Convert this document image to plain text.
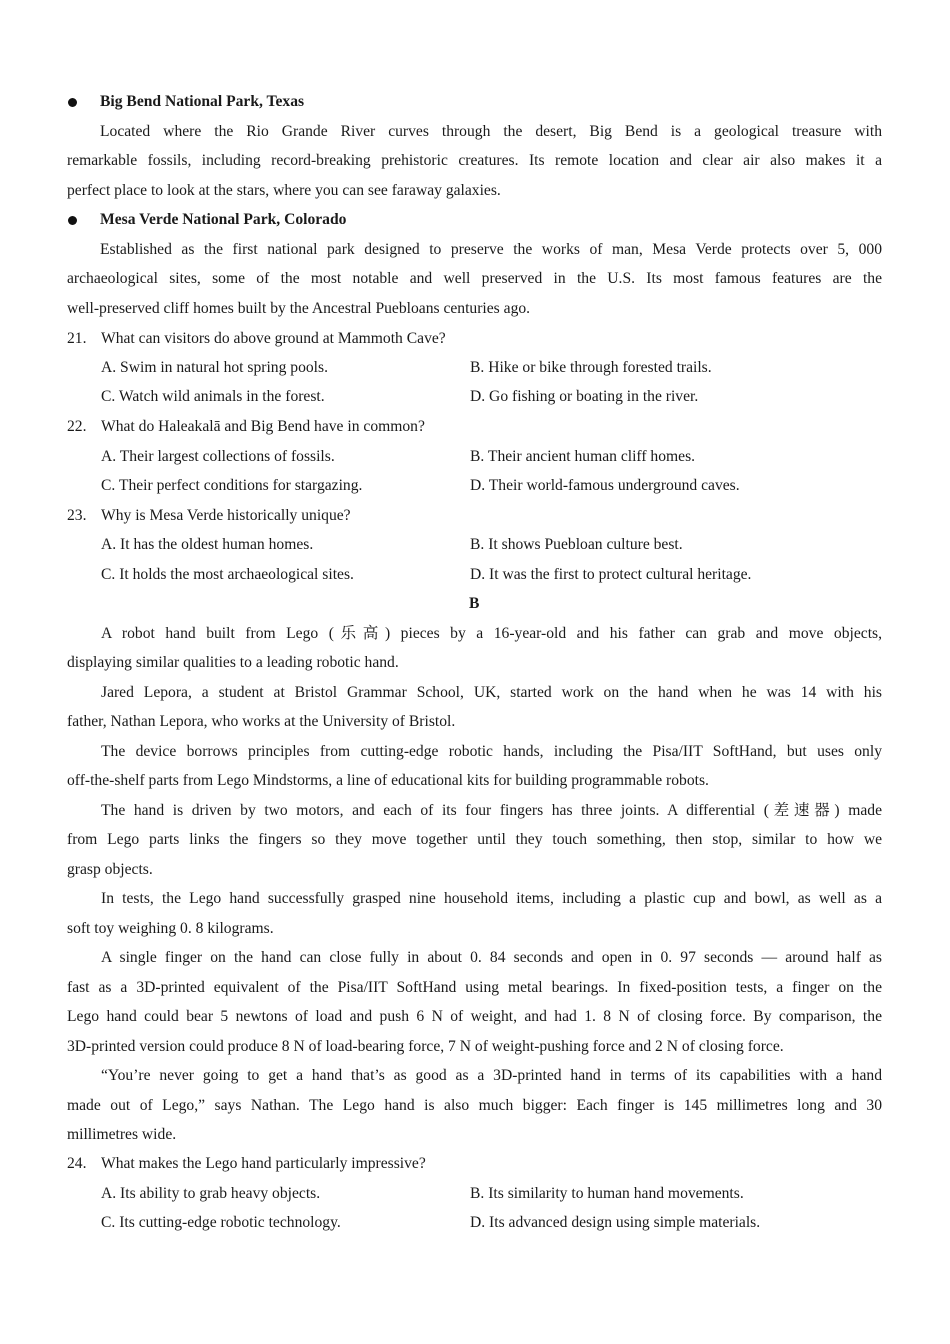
Big Bend National Park, Texas
Located where the Rio Grande River curves through the desert, Big Bend is a geological treasure with
remarkable fossils, including record-breaking prehistoric creatures. Its remote location and clear air also makes it a
perfect place to look at the stars, where you can see faraway galaxies.
Mesa Verde National Park, Colorado
Established as the first national park designed to preserve the works of man, Mesa Verde protects over 5, 000
archaeological sites, some of the most notable and well preserved in the U.S. Its most famous features are the
well-preserved cliff homes built by the Ancestral Puebloans centuries ago.
21. What can visitors do above ground at Mammoth Cave?
A. Swim in natural hot spring pools.	B. Hike or bike through forested trails.
C. Watch wild animals in the forest.	D. Go fishing or boating in the river.
22. What do Haleakalā and Big Bend have in common?
A. Their largest collections of fossils.	B. Their ancient human cliff homes.
C. Their perfect conditions for stargazing.	D. Their world-famous underground caves.
23. Why is Mesa Verde historically unique?
A. It has the oldest human homes.	B. It shows Puebloan culture best.
C. It holds the most archaeological sites.	D. It was the first to protect cultural heritage.
B
A robot hand built from Lego (乐高) pieces by a 16-year-old and his father can grab and move objects,
displaying similar qualities to a leading robotic hand.
Jared Lepora, a student at Bristol Grammar School, UK, started work on the hand when he was 14 with his
father, Nathan Lepora, who works at the University of Bristol.
The device borrows principles from cutting-edge robotic hands, including the Pisa/IIT SoftHand, but uses only
off-the-shelf parts from Lego Mindstorms, a line of educational kits for building programmable robots.
The hand is driven by two motors, and each of its four fingers has three joints. A differential (差速器) made
from Lego parts links the fingers so they move together until they touch something, then stop, similar to how we
grasp objects.
In tests, the Lego hand successfully grasped nine household items, including a plastic cup and bowl, as well as a
soft toy weighing 0. 8 kilograms.
A single finger on the hand can close fully in about 0. 84 seconds and open in 0. 97 seconds — around half as
fast as a 3D-printed equivalent of the Pisa/IIT SoftHand using metal bearings. In fixed-position tests, a finger on the
Lego hand could bear 5 newtons of load and push 6 N of weight, and had 1. 8 N of closing force. By comparison, the
3D-printed version could produce 8 N of load-bearing force, 7 N of weight-pushing force and 2 N of closing force.
“You’re never going to get a hand that’s as good as a 3D-printed hand in terms of its capabilities with a hand
made out of Lego,” says Nathan. The Lego hand is also much bigger: Each finger is 145 millimetres long and 30
millimetres wide.
24. What makes the Lego hand particularly impressive?
A. Its ability to grab heavy objects.	B. Its similarity to human hand movements.
C. Its cutting-edge robotic technology.	D. Its advanced design using simple materials.
